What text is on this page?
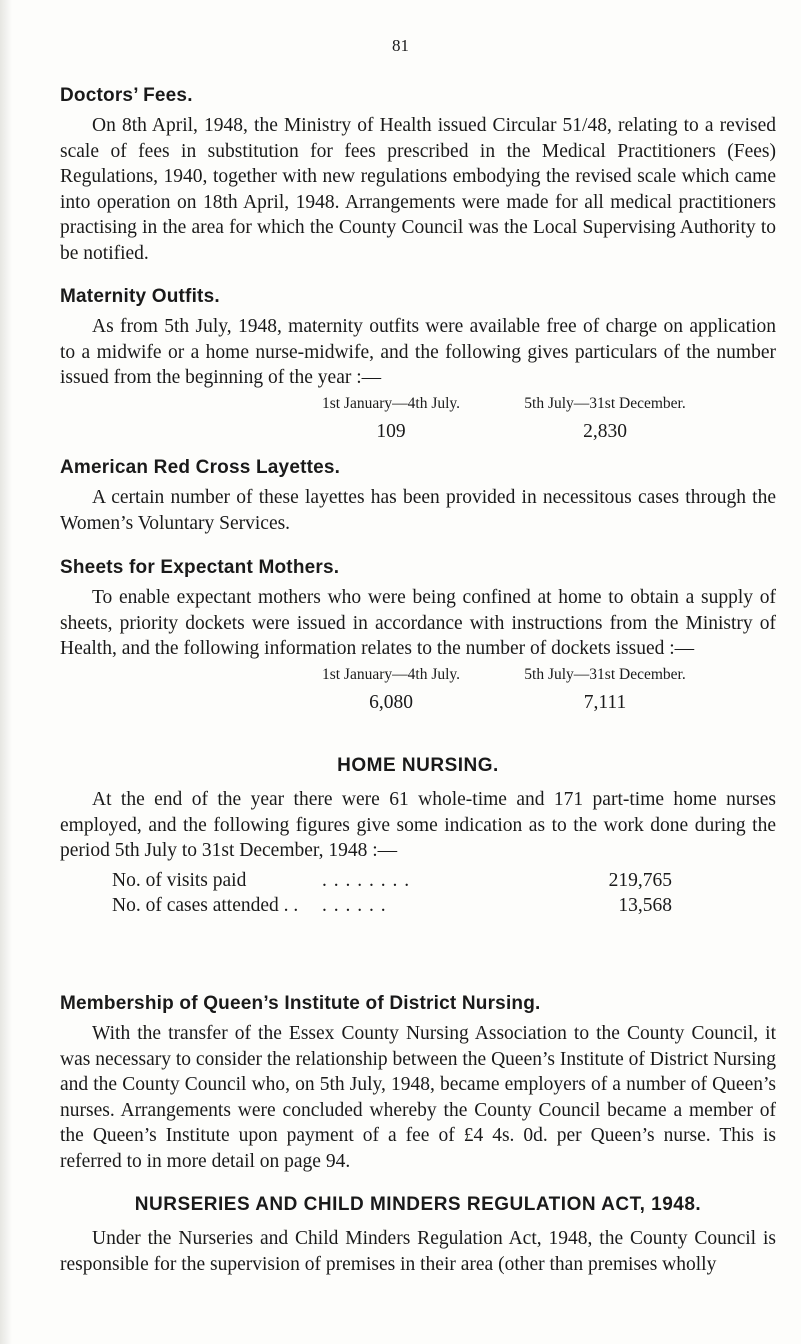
81
Doctors’ Fees.

On 8th April, 1948, the Ministry of Health issued Circular 51/48, relating to a revised scale of fees in substitution for fees prescribed in the Medical Practitioners (Fees) Regulations, 1940, together with new regulations embodying the revised scale which came into operation on 18th April, 1948. Arrangements were made for all medical practitioners practising in the area for which the County Council was the Local Supervising Authority to be notified.

Maternity Outfits.

As from 5th July, 1948, maternity outfits were available free of charge on application to a midwife or a home nurse-midwife, and the following gives particulars of the number issued from the beginning of the year :—

1st January—4th July.	5th July—31st December.
109	2,830
American Red Cross Layettes.

A certain number of these layettes has been provided in necessitous cases through the Women’s Voluntary Services.

Sheets for Expectant Mothers.

To enable expectant mothers who were being confined at home to obtain a supply of sheets, priority dockets were issued in accordance with instructions from the Ministry of Health, and the following information relates to the number of dockets issued :—

1st January—4th July.	5th July—31st December.
6,080	7,111
HOME NURSING.

At the end of the year there were 61 whole-time and 171 part-time home nurses employed, and the following figures give some indication as to the work done during the period 5th July to 31st December, 1948 :—

No. of visits paid	. . . . . . . .	219,765
No. of cases attended . .	. . . . . .	13,568
Membership of Queen’s Institute of District Nursing.

With the transfer of the Essex County Nursing Association to the County Council, it was necessary to consider the relationship between the Queen’s Institute of District Nursing and the County Council who, on 5th July, 1948, became employers of a number of Queen’s nurses. Arrangements were concluded whereby the County Council became a member of the Queen’s Institute upon payment of a fee of £4 4s. 0d. per Queen’s nurse. This is referred to in more detail on page 94.

NURSERIES AND CHILD MINDERS REGULATION ACT, 1948.

Under the Nurseries and Child Minders Regulation Act, 1948, the County Council is responsible for the supervision of premises in their area (other than premises wholly
